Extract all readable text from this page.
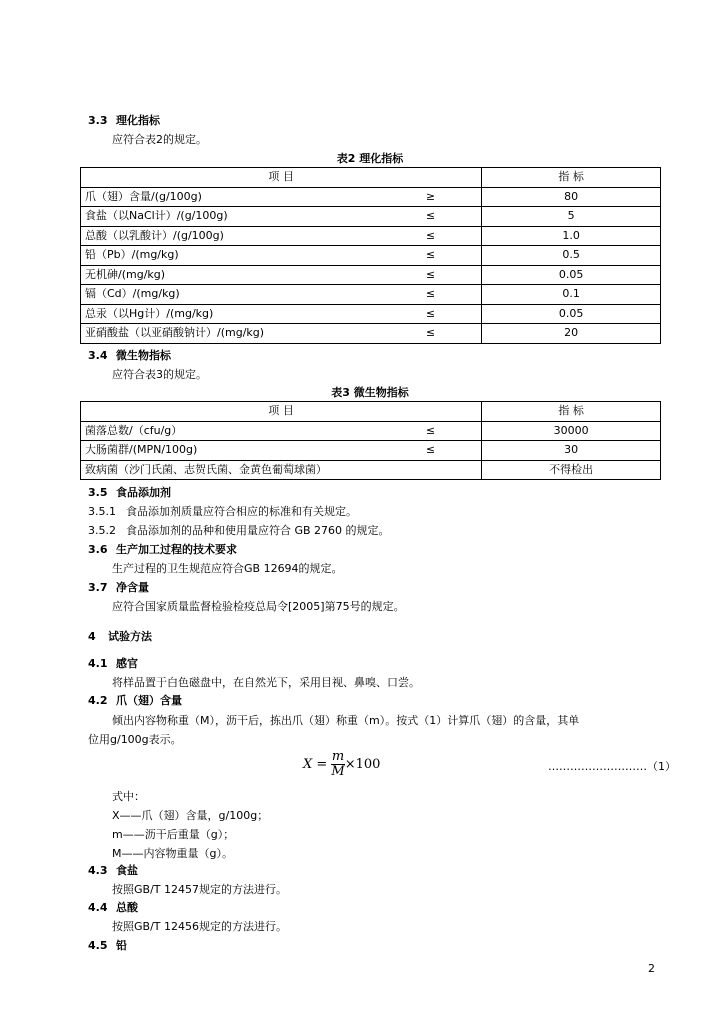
3.3 理化指标
应符合表2的规定。
表2 理化指标
项 目		指 标
爪（翅）含量/(g/100g)	≥	80
食盐（以NaCl计）/(g/100g)	≤	5
总酸（以乳酸计）/(g/100g)	≤	1.0
铅（Pb）/(mg/kg)	≤	0.5
无机砷/(mg/kg)	≤	0.05
镉（Cd）/(mg/kg)	≤	0.1
总汞（以Hg计）/(mg/kg)	≤	0.05
亚硝酸盐（以亚硝酸钠计）/(mg/kg)	≤	20
3.4 微生物指标
应符合表3的规定。
表3 微生物指标
项 目		指 标
菌落总数/（cfu/g）	≤	30000
大肠菌群/(MPN/100g)	≤	30
致病菌（沙门氏菌、志贺氏菌、金黄色葡萄球菌）		不得检出
3.5 食品添加剂
3.5.1 食品添加剂质量应符合相应的标准和有关规定。
3.5.2 食品添加剂的品种和使用量应符合 GB 2760 的规定。
3.6 生产加工过程的技术要求
生产过程的卫生规范应符合GB 12694的规定。
3.7 净含量
应符合国家质量监督检验检疫总局令[2005]第75号的规定。
4 试验方法
4.1 感官
将样品置于白色磁盘中，在自然光下，采用目视、鼻嗅、口尝。
4.2 爪（翅）含量
倾出内容物称重（M），沥干后，拣出爪（翅）称重（m）。按式（1）计算爪（翅）的含量，其单
位用g/100g表示。
$X = \frac{m}{M} \times 100$	………………………（1）
式中：
X——爪（翅）含量，g/100g；
m——沥干后重量（g）；
M——内容物重量（g）。
4.3 食盐
按照GB/T 12457规定的方法进行。
4.4 总酸
按照GB/T 12456规定的方法进行。
4.5 铅
2
